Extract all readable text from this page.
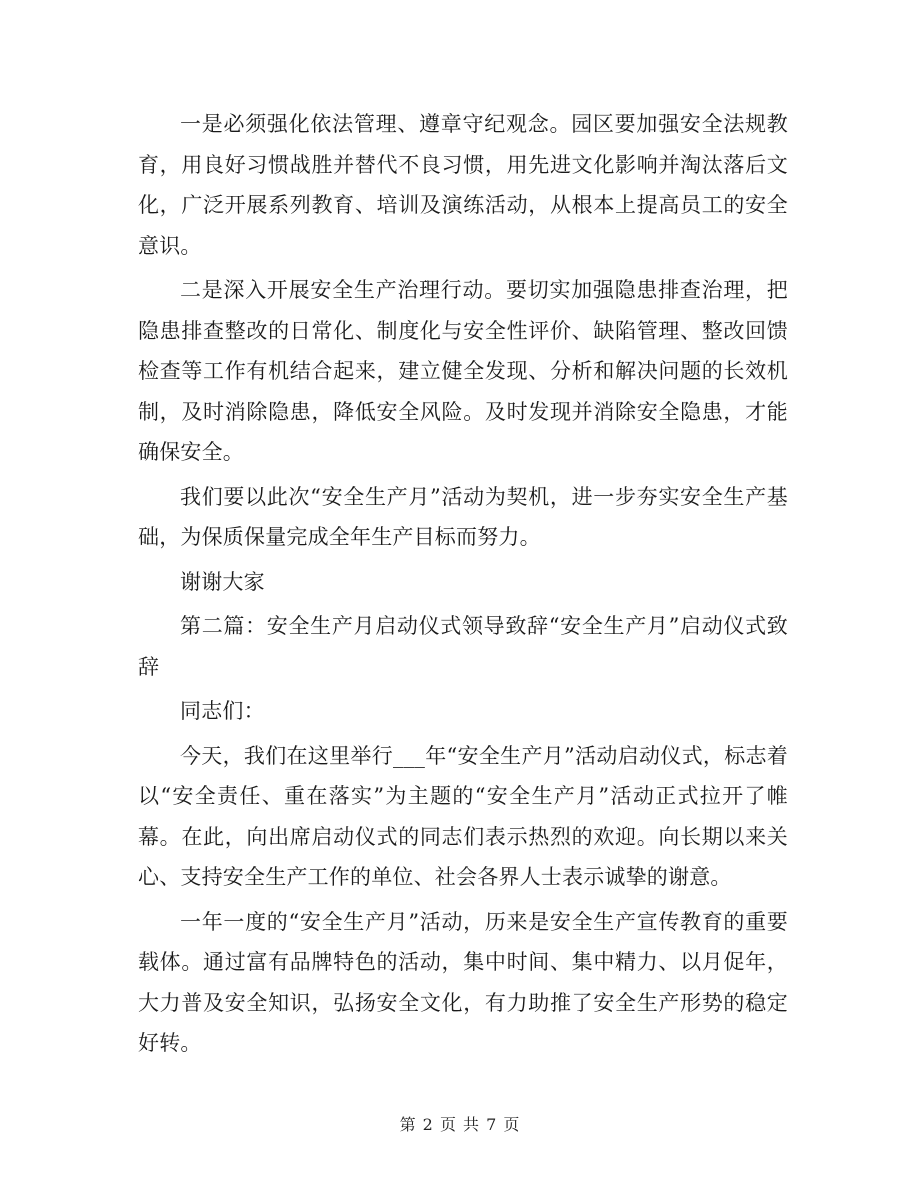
一是必须强化依法管理、遵章守纪观念。园区要加强安全法规教育，用良好习惯战胜并替代不良习惯，用先进文化影响并淘汰落后文化，广泛开展系列教育、培训及演练活动，从根本上提高员工的安全意识。

二是深入开展安全生产治理行动。要切实加强隐患排查治理，把隐患排查整改的日常化、制度化与安全性评价、缺陷管理、整改回馈检查等工作有机结合起来，建立健全发现、分析和解决问题的长效机制，及时消除隐患，降低安全风险。及时发现并消除安全隐患，才能确保安全。

我们要以此次“安全生产月”活动为契机，进一步夯实安全生产基础，为保质保量完成全年生产目标而努力。

谢谢大家

第二篇：安全生产月启动仪式领导致辞“安全生产月”启动仪式致辞

同志们：

今天，我们在这里举行___年“安全生产月”活动启动仪式，标志着以“安全责任、重在落实”为主题的“安全生产月”活动正式拉开了帷幕。在此，向出席启动仪式的同志们表示热烈的欢迎。向长期以来关心、支持安全生产工作的单位、社会各界人士表示诚挚的谢意。

一年一度的“安全生产月”活动，历来是安全生产宣传教育的重要载体。通过富有品牌特色的活动，集中时间、集中精力、以月促年，大力普及安全知识，弘扬安全文化，有力助推了安全生产形势的稳定好转。

第 2 页 共 7 页
